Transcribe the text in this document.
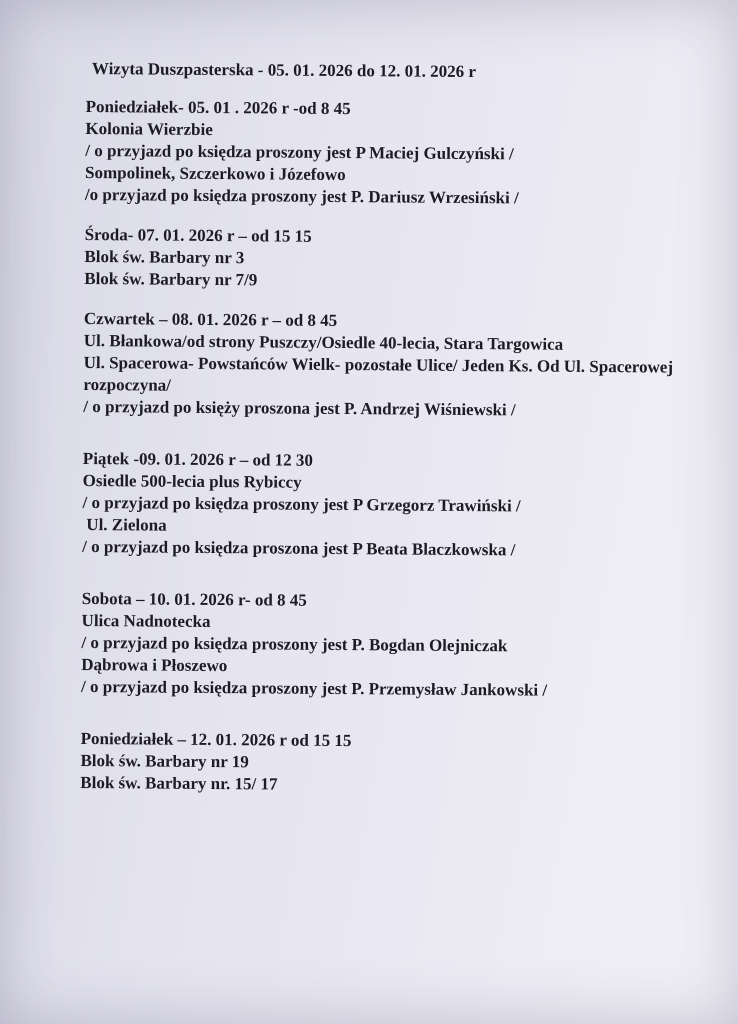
Wizyta Duszpasterska - 05. 01. 2026 do 12. 01. 2026 r
Poniedziałek- 05. 01 . 2026 r -od 8 45
Kolonia Wierzbie
/ o przyjazd po księdza proszony jest P Maciej Gulczyński /
Sompolinek, Szczerkowo i Józefowo
/o przyjazd po księdza proszony jest P. Dariusz Wrzesiński /
Środa- 07. 01. 2026 r – od 15 15
Blok św. Barbary nr 3
Blok św. Barbary nr 7/9
Czwartek – 08. 01. 2026 r – od 8 45
Ul. Błankowa/od strony Puszczy/Osiedle 40-lecia, Stara Targowica
Ul. Spacerowa- Powstańców Wielk- pozostałe Ulice/ Jeden Ks. Od Ul. Spacerowej rozpoczyna/
/ o przyjazd po księży proszona jest P. Andrzej Wiśniewski /
Piątek -09. 01. 2026 r – od 12 30
Osiedle 500-lecia plus Rybiccy
/ o przyjazd po księdza proszony jest P Grzegorz Trawiński /
Ul. Zielona
/ o przyjazd po księdza proszona jest P Beata Blaczkowska /
Sobota – 10. 01. 2026 r- od 8 45
Ulica Nadnotecka
/ o przyjazd po księdza proszony jest P. Bogdan Olejniczak
Dąbrowa i Płoszewo
/ o przyjazd po księdza proszony jest P. Przemysław Jankowski /
Poniedziałek – 12. 01. 2026 r od 15 15
Blok św. Barbary nr 19
Blok św. Barbary nr. 15/ 17
